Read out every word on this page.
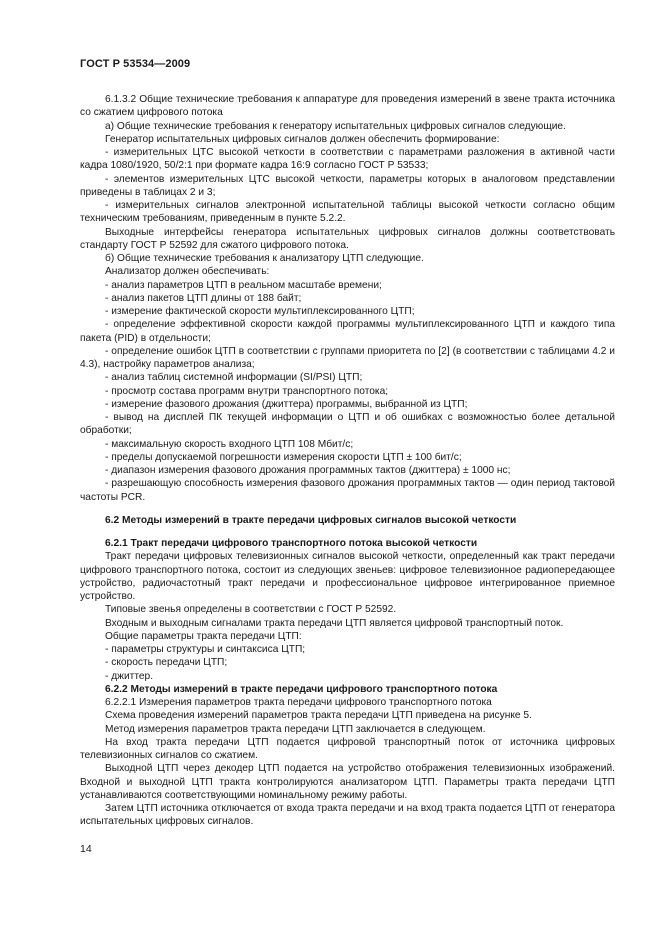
ГОСТ Р 53534—2009

6.1.3.2 Общие технические требования к аппаратуре для проведения измерений в звене тракта источника со сжатием цифрового потока

а) Общие технические требования к генератору испытательных цифровых сигналов следующие.

Генератор испытательных цифровых сигналов должен обеспечить формирование:

- измерительных ЦТС высокой четкости в соответствии с параметрами разложения в активной части кадра 1080/1920, 50/2:1 при формате кадра 16:9 согласно ГОСТ Р 53533;

- элементов измерительных ЦТС высокой четкости, параметры которых в аналоговом представлении приведены в таблицах 2 и 3;

- измерительных сигналов электронной испытательной таблицы высокой четкости согласно общим техническим требованиям, приведенным в пункте 5.2.2.

Выходные интерфейсы генератора испытательных цифровых сигналов должны соответствовать стандарту ГОСТ Р 52592 для сжатого цифрового потока.

б) Общие технические требования к анализатору ЦТП следующие.

Анализатор должен обеспечивать:

- анализ параметров ЦТП в реальном масштабе времени;

- анализ пакетов ЦТП длины от 188 байт;

- измерение фактической скорости мультиплексированного ЦТП;

- определение эффективной скорости каждой программы мультиплексированного ЦТП и каждого типа пакета (PID) в отдельности;

- определение ошибок ЦТП в соответствии с группами приоритета по [2] (в соответствии с таблицами 4.2 и 4.3), настройку параметров анализа;

- анализ таблиц системной информации (SI/PSI) ЦТП;

- просмотр состава программ внутри транспортного потока;

- измерение фазового дрожания (джиттера) программы, выбранной из ЦТП;

- вывод на дисплей ПК текущей информации о ЦТП и об ошибках с возможностью более детальной обработки;

- максимальную скорость входного ЦТП 108 Мбит/с;

- пределы допускаемой погрешности измерения скорости ЦТП ± 100 бит/с;

- диапазон измерения фазового дрожания программных тактов (джиттера) ± 1000 нс;

- разрешающую способность измерения фазового дрожания программных тактов — один период тактовой частоты PCR.

6.2 Методы измерений в тракте передачи цифровых сигналов высокой четкости

6.2.1 Тракт передачи цифрового транспортного потока высокой четкости

Тракт передачи цифровых телевизионных сигналов высокой четкости, определенный как тракт передачи цифрового транспортного потока, состоит из следующих звеньев: цифровое телевизионное радиопередающее устройство, радиочастотный тракт передачи и профессиональное цифровое интегрированное приемное устройство.

Типовые звенья определены в соответствии с ГОСТ Р 52592.

Входным и выходным сигналами тракта передачи ЦТП является цифровой транспортный поток.

Общие параметры тракта передачи ЦТП:

- параметры структуры и синтаксиса ЦТП;

- скорость передачи ЦТП;

- джиттер.

6.2.2 Методы измерений в тракте передачи цифрового транспортного потока

6.2.2.1 Измерения параметров тракта передачи цифрового транспортного потока

Схема проведения измерений параметров тракта передачи ЦТП приведена на рисунке 5.

Метод измерения параметров тракта передачи ЦТП заключается в следующем.

На вход тракта передачи ЦТП подается цифровой транспортный поток от источника цифровых телевизионных сигналов со сжатием.

Выходной ЦТП через декодер ЦТП подается на устройство отображения телевизионных изображений. Входной и выходной ЦТП тракта контролируются анализатором ЦТП. Параметры тракта передачи ЦТП устанавливаются соответствующими номинальному режиму работы.

Затем ЦТП источника отключается от входа тракта передачи и на вход тракта подается ЦТП от генератора испытательных цифровых сигналов.

14
